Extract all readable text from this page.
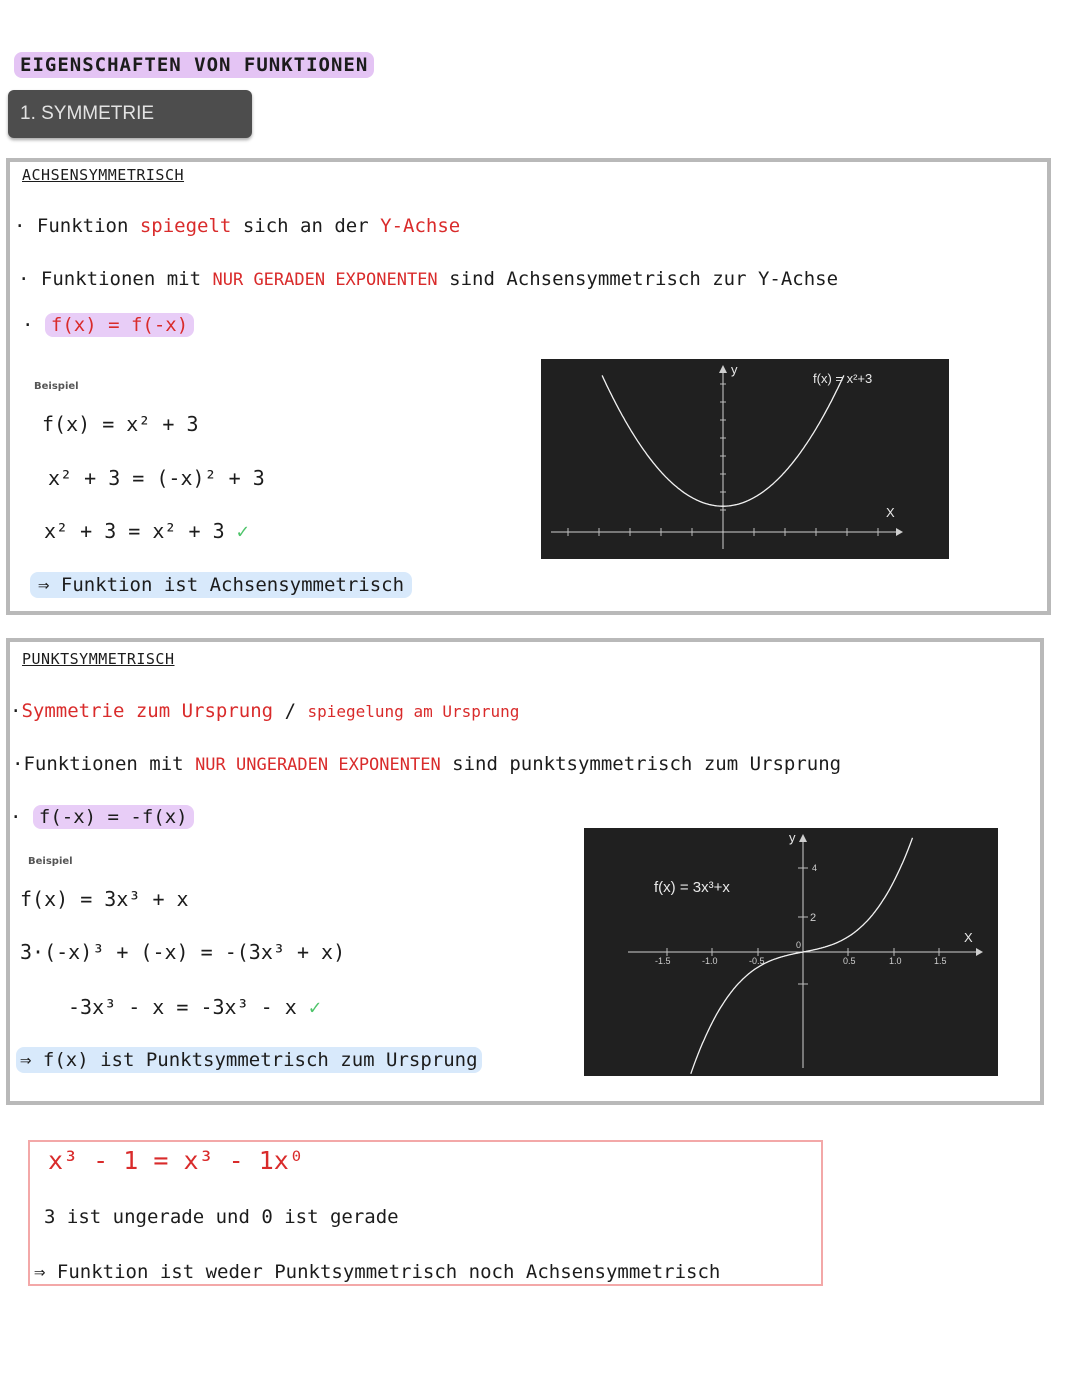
EIGENSCHAFTEN VON FUNKTIONEN
1. SYMMETRIE
ACHSENSYMMETRISCH
· Funktion spiegelt sich an der Y-Achse
· Funktionen mit NUR GERADEN EXPONENTEN sind Achsensymmetrisch zur Y-Achse
· f(x) = f(-x)
Beispiel
f(x) = x² + 3
x² + 3 = (-x)² + 3
x² + 3 = x² + 3 ✓
⇒ Funktion ist Achsensymmetrisch
y
X
f(x) = x²+3
PUNKTSYMMETRISCH
·Symmetrie zum Ursprung / spiegelung am Ursprung
·Funktionen mit NUR UNGERADEN EXPONENTEN sind punktsymmetrisch zum Ursprung
· f(-x) = -f(x)
Beispiel
f(x) = 3x³ + x
3·(-x)³ + (-x) = -(3x³ + x)
-3x³ - x = -3x³ - x ✓
⇒ f(x) ist Punktsymmetrisch zum Ursprung
-1.5	-1.0	-0.5	0.5	1.0	1.5
4
2
0
y
X
f(x) = 3x³+x
x³ - 1 = x³ - 1x⁰
3 ist ungerade und 0 ist gerade
⇒ Funktion ist weder Punktsymmetrisch noch Achsensymmetrisch
